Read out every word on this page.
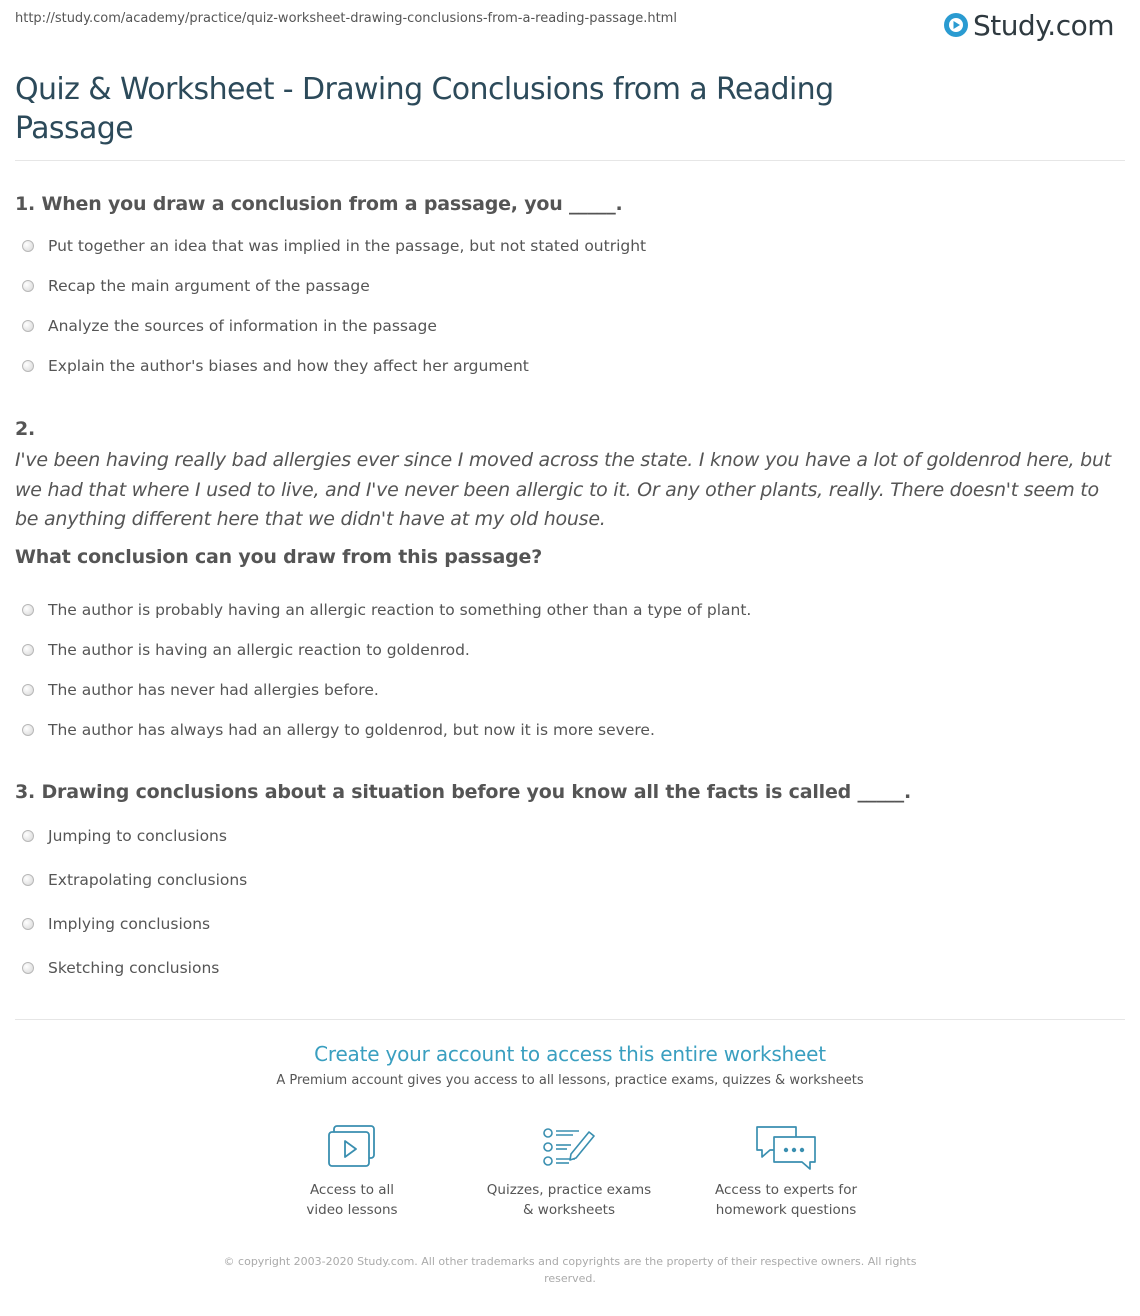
http://study.com/academy/practice/quiz-worksheet-drawing-conclusions-from-a-reading-passage.html	Study.com
Quiz & Worksheet - Drawing Conclusions from a Reading Passage
1. When you draw a conclusion from a passage, you _____.
Put together an idea that was implied in the passage, but not stated outright
Recap the main argument of the passage
Analyze the sources of information in the passage
Explain the author's biases and how they affect her argument
2.
I've been having really bad allergies ever since I moved across the state. I know you have a lot of goldenrod here, but we had that where I used to live, and I've never been allergic to it. Or any other plants, really. There doesn't seem to be anything different here that we didn't have at my old house.
What conclusion can you draw from this passage?
The author is probably having an allergic reaction to something other than a type of plant.
The author is having an allergic reaction to goldenrod.
The author has never had allergies before.
The author has always had an allergy to goldenrod, but now it is more severe.
3. Drawing conclusions about a situation before you know all the facts is called _____.
Jumping to conclusions
Extrapolating conclusions
Implying conclusions
Sketching conclusions
Create your account to access this entire worksheet
A Premium account gives you access to all lessons, practice exams, quizzes & worksheets
Access to all
video lessons
Quizzes, practice exams
& worksheets
Access to experts for
homework questions
© copyright 2003-2020 Study.com. All other trademarks and copyrights are the property of their respective owners. All rights reserved.
